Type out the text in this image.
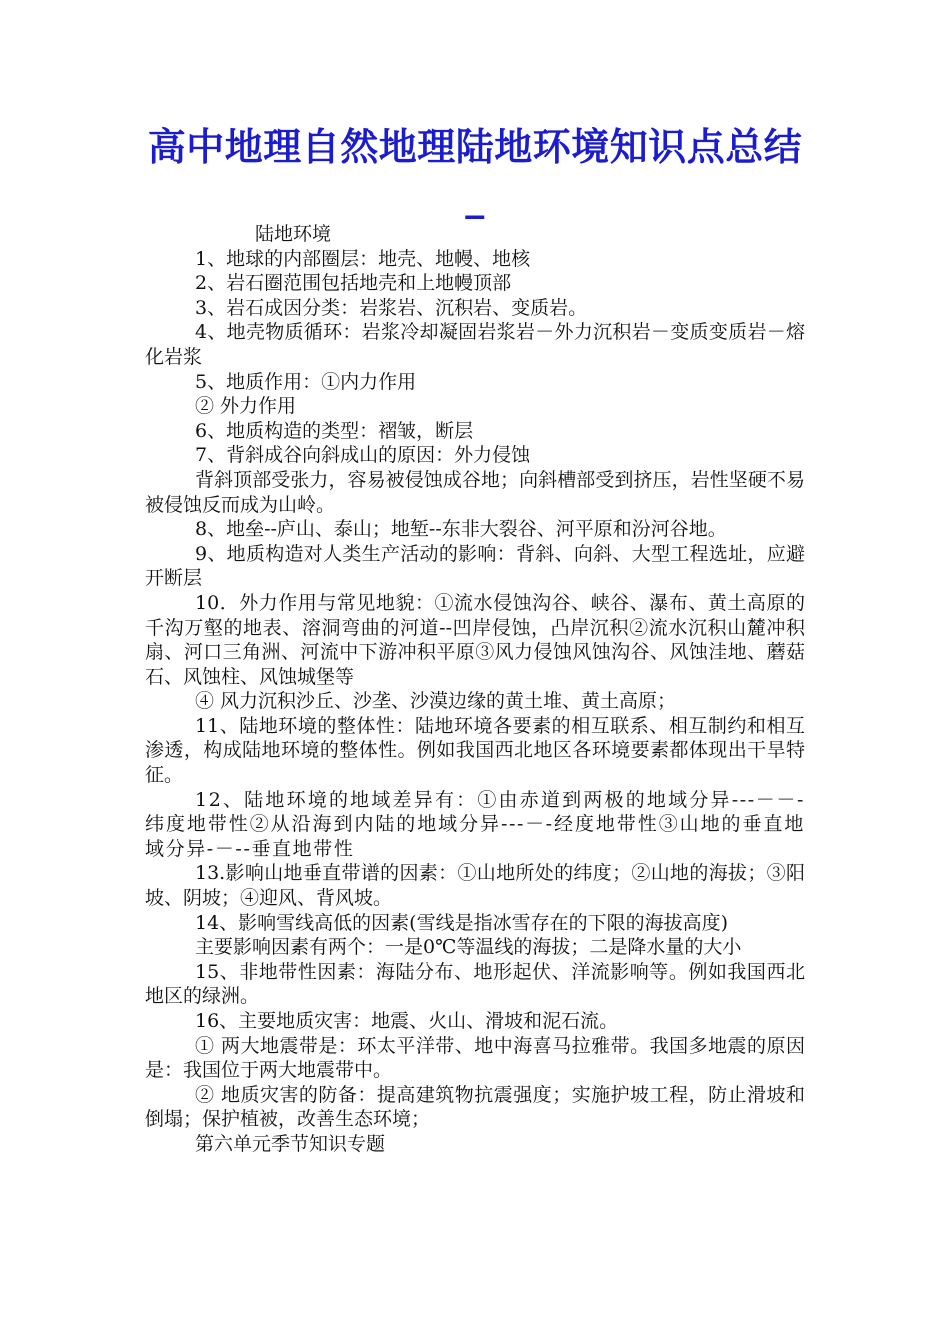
高中地理自然地理陆地环境知识点总结_

陆地环境

1、地球的内部圈层：地壳、地幔、地核

2、岩石圈范围包括地壳和上地幔顶部

3、岩石成因分类：岩浆岩、沉积岩、变质岩。

4、地壳物质循环：岩浆冷却凝固岩浆岩－外力沉积岩－变质变质岩－熔化岩浆

5、地质作用：①内力作用

② 外力作用

6、地质构造的类型：褶皱，断层

7、背斜成谷向斜成山的原因：外力侵蚀

背斜顶部受张力，容易被侵蚀成谷地；向斜槽部受到挤压，岩性坚硬不易被侵蚀反而成为山岭。

8、地垒--庐山、泰山；地堑--东非大裂谷、河平原和汾河谷地。

9、地质构造对人类生产活动的影响：背斜、向斜、大型工程选址，应避开断层

10．外力作用与常见地貌：①流水侵蚀沟谷、峡谷、瀑布、黄土高原的千沟万壑的地表、溶洞弯曲的河道--凹岸侵蚀，凸岸沉积②流水沉积山麓冲积扇、河口三角洲、河流中下游冲积平原③风力侵蚀风蚀沟谷、风蚀洼地、蘑菇石、风蚀柱、风蚀城堡等

④ 风力沉积沙丘、沙垄、沙漠边缘的黄土堆、黄土高原；

11、陆地环境的整体性：陆地环境各要素的相互联系、相互制约和相互渗透，构成陆地环境的整体性。例如我国西北地区各环境要素都体现出干旱特征。

12、陆地环境的地域差异有：①由赤道到两极的地域分异---－－-纬度地带性②从沿海到内陆的地域分异---－-经度地带性③山地的垂直地域分异-－--垂直地带性

13.影响山地垂直带谱的因素：①山地所处的纬度；②山地的海拔；③阳坡、阴坡；④迎风、背风坡。

14、影响雪线高低的因素(雪线是指冰雪存在的下限的海拔高度)

主要影响因素有两个：一是0℃等温线的海拔；二是降水量的大小

15、非地带性因素：海陆分布、地形起伏、洋流影响等。例如我国西北地区的绿洲。

16、主要地质灾害：地震、火山、滑坡和泥石流。

① 两大地震带是：环太平洋带、地中海喜马拉雅带。我国多地震的原因是：我国位于两大地震带中。

② 地质灾害的防备：提高建筑物抗震强度；实施护坡工程，防止滑坡和倒塌；保护植被，改善生态环境；

第六单元季节知识专题
